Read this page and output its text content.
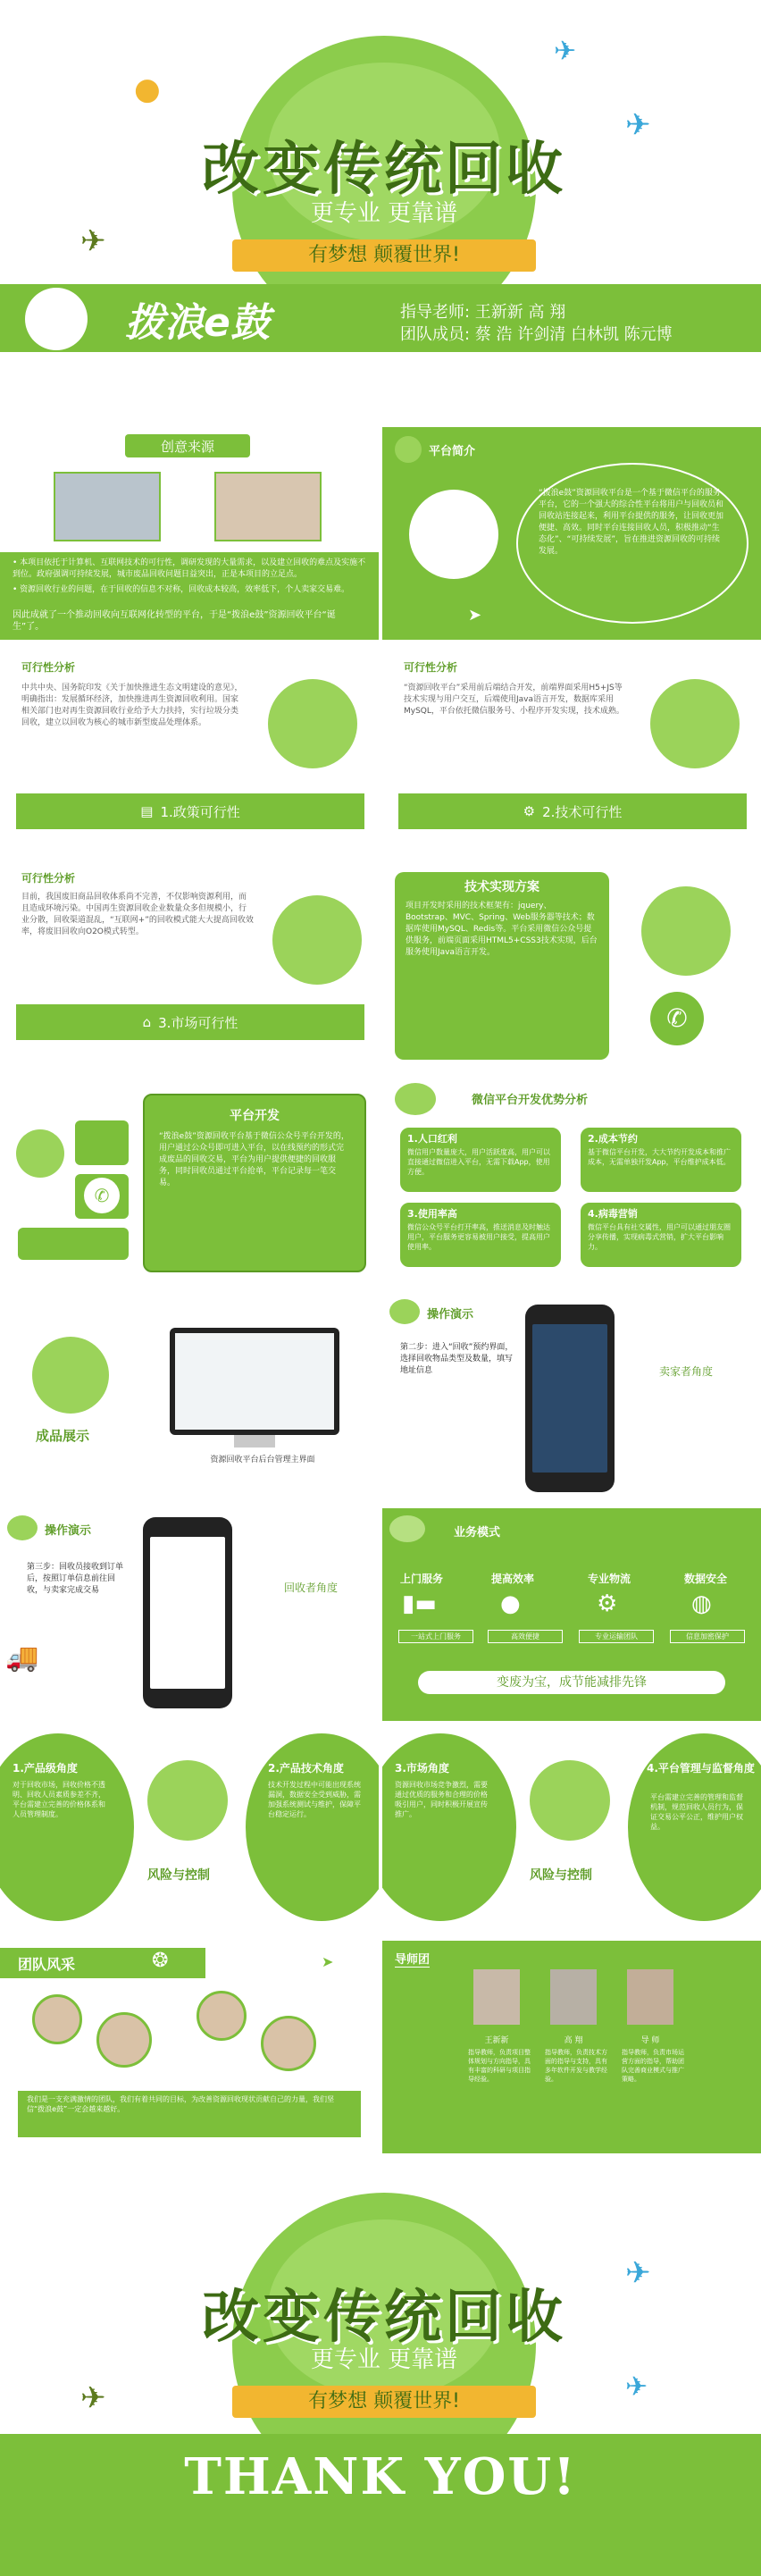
改变传统回收
更专业 更靠谱
有梦想 颠覆世界!
拨浪e鼓	指导老师: 王新新 高 翔
团队成员: 蔡 浩 许剑清 白林凯 陈元博
✈
✈
✈
●
创意来源
• 本项目依托于计算机、互联网技术的可行性，调研发现的大量需求，以及建立回收的难点及实施不到位。政府强调可持续发展，城市废品回收问题日益突出，正是本项目的立足点。
• 资源回收行业的问题，在于回收的信息不对称，回收成本较高，效率低下，个人卖家交易难。
因此成就了一个推动回收向互联网化转型的平台，于是“拨浪e鼓”资源回收平台“诞生”了。
平台简介
“拨浪e鼓”资源回收平台是一个基于微信平台的服务平台，它的一个强大的综合性平台将用户与回收员和回收站连接起来，利用平台提供的服务，让回收更加便捷、高效。同时平台连接回收人员，积极推动“生态化”、“可持续发展”，旨在推进资源回收的可持续发展。
➤
可行性分析
中共中央、国务院印发《关于加快推进生态文明建设的意见》，明确指出：发展循环经济，加快推进再生资源回收利用。国家相关部门也对再生资源回收行业给予大力扶持，实行垃圾分类回收，建立以回收为核心的城市新型废品处理体系。
▤ 1.政策可行性
可行性分析
“资源回收平台”采用前后端结合开发，前端界面采用H5+JS等技术实现与用户交互，后端使用Java语言开发，数据库采用MySQL，平台依托微信服务号、小程序开发实现，技术成熟。
⚙ 2.技术可行性
可行性分析
目前，我国废旧商品回收体系尚不完善，不仅影响资源利用，而且造成环境污染。中国再生资源回收企业数量众多但规模小，行业分散，回收渠道混乱，“互联网+”的回收模式能大大提高回收效率，将废旧回收向O2O模式转型。
⌂ 3.市场可行性
技术实现方案
项目开发时采用的技术框架有：jquery、Bootstrap、MVC、Spring、Web服务器等技术；数据库使用MySQL、Redis等。平台采用微信公众号提供服务，前端页面采用HTML5+CSS3技术实现，后台服务使用Java语言开发。
✆
✆
平台开发
“拨浪e鼓”资源回收平台基于微信公众号平台开发的，用户通过公众号即可进入平台，以在线预约的形式完成废品的回收交易，平台为用户提供便捷的回收服务，同时回收员通过平台抢单，平台记录每一笔交易。
微信平台开发优势分析
1.人口红利
微信用户数量庞大，用户活跃度高，用户可以直接通过微信进入平台，无需下载App，使用方便。
2.成本节约
基于微信平台开发，大大节约开发成本和推广成本，无需单独开发App，平台维护成本低。
3.使用率高
微信公众号平台打开率高，推送消息及时触达用户，平台服务更容易被用户接受，提高用户使用率。
4.病毒营销
微信平台具有社交属性，用户可以通过朋友圈分享传播，实现病毒式营销，扩大平台影响力。
成品展示
资源回收平台后台管理主界面
操作演示
第二步：进入“回收”预约界面，选择回收物品类型及数量，填写地址信息	卖家者角度
操作演示
第三步：回收员接收到订单后，按照订单信息前往回收，与卖家完成交易
🚚
回收者角度
业务模式
上门服务	提高效率	专业物流	数据安全
▮▬	●	⚙	◍
一站式上门服务	高效便捷	专业运输团队	信息加密保护
变废为宝，成节能减排先锋
1.产品级角度
对于回收市场，回收价格不透明、回收人员素质参差不齐，平台需建立完善的价格体系和人员管理制度。
2.产品技术角度
技术开发过程中可能出现系统漏洞，数据安全受到威胁，需加强系统测试与维护，保障平台稳定运行。
风险与控制
3.市场角度
资源回收市场竞争激烈，需要通过优质的服务和合理的价格吸引用户，同时积极开展宣传推广。
4.平台管理与监督角度
平台需建立完善的管理和监督机制，规范回收人员行为，保证交易公平公正，维护用户权益。
风险与控制
团队风采	❂	➤
我们是一支充满激情的团队，我们有着共同的目标，为改善资源回收现状贡献自己的力量，我们坚信“拨浪e鼓”一定会越来越好。
导师团
王新新	高 翔	导 师
指导教师，负责项目整体规划与方向指导，具有丰富的科研与项目指导经验。
指导教师，负责技术方面的指导与支持，具有多年软件开发与教学经验。
指导教师，负责市场运营方面的指导，帮助团队完善商业模式与推广策略。
改变传统回收
更专业 更靠谱
有梦想 颠覆世界!
THANK YOU!
✈
✈	✈
